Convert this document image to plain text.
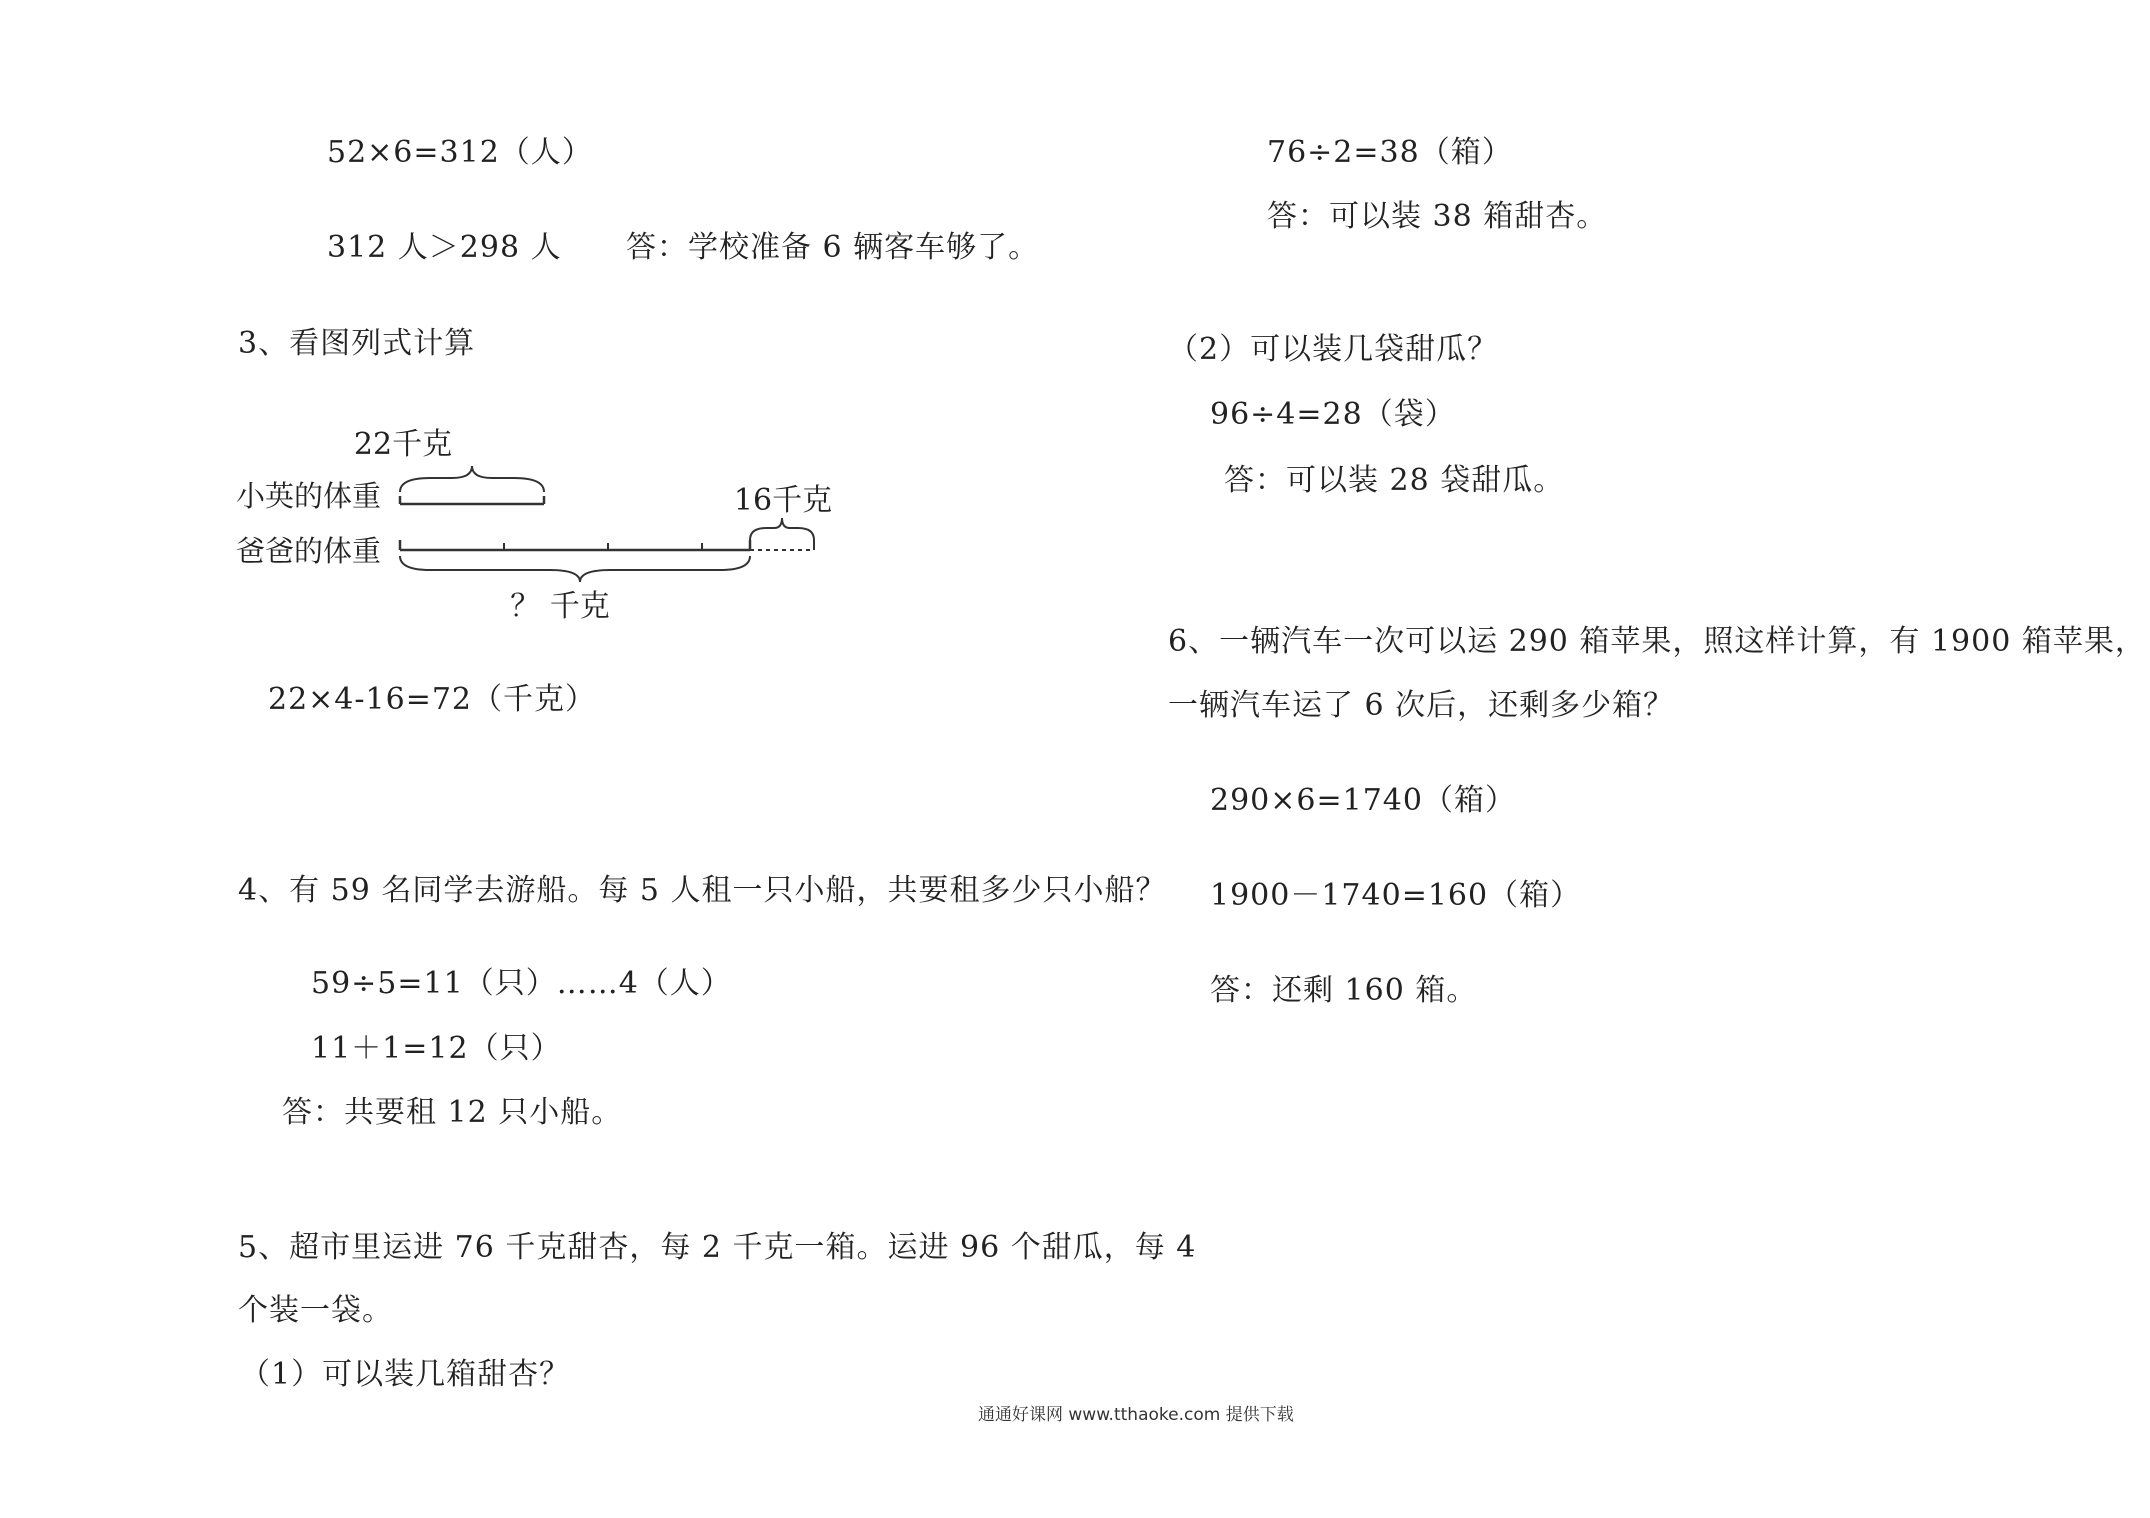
52×6=312（人）
312 人＞298 人 答：学校准备 6 辆客车够了。
3、看图列式计算
22千克
小英的体重	16千克
爸爸的体重
？ 千克
22×4-16=72（千克）
4、有 59 名同学去游船。每 5 人租一只小船，共要租多少只小船？
59÷5=11（只）……4（人）
11＋1=12（只）
答：共要租 12 只小船。
5、超市里运进 76 千克甜杏，每 2 千克一箱。运进 96 个甜瓜，每 4
个装一袋。
（1）可以装几箱甜杏？
76÷2=38（箱）
答：可以装 38 箱甜杏。
（2）可以装几袋甜瓜？
96÷4=28（袋）
答：可以装 28 袋甜瓜。
6、一辆汽车一次可以运 290 箱苹果，照这样计算，有 1900 箱苹果，
一辆汽车运了 6 次后，还剩多少箱？
290×6=1740（箱）
1900－1740=160（箱）
答：还剩 160 箱。
通通好课网 www.tthaoke.com 提供下载
